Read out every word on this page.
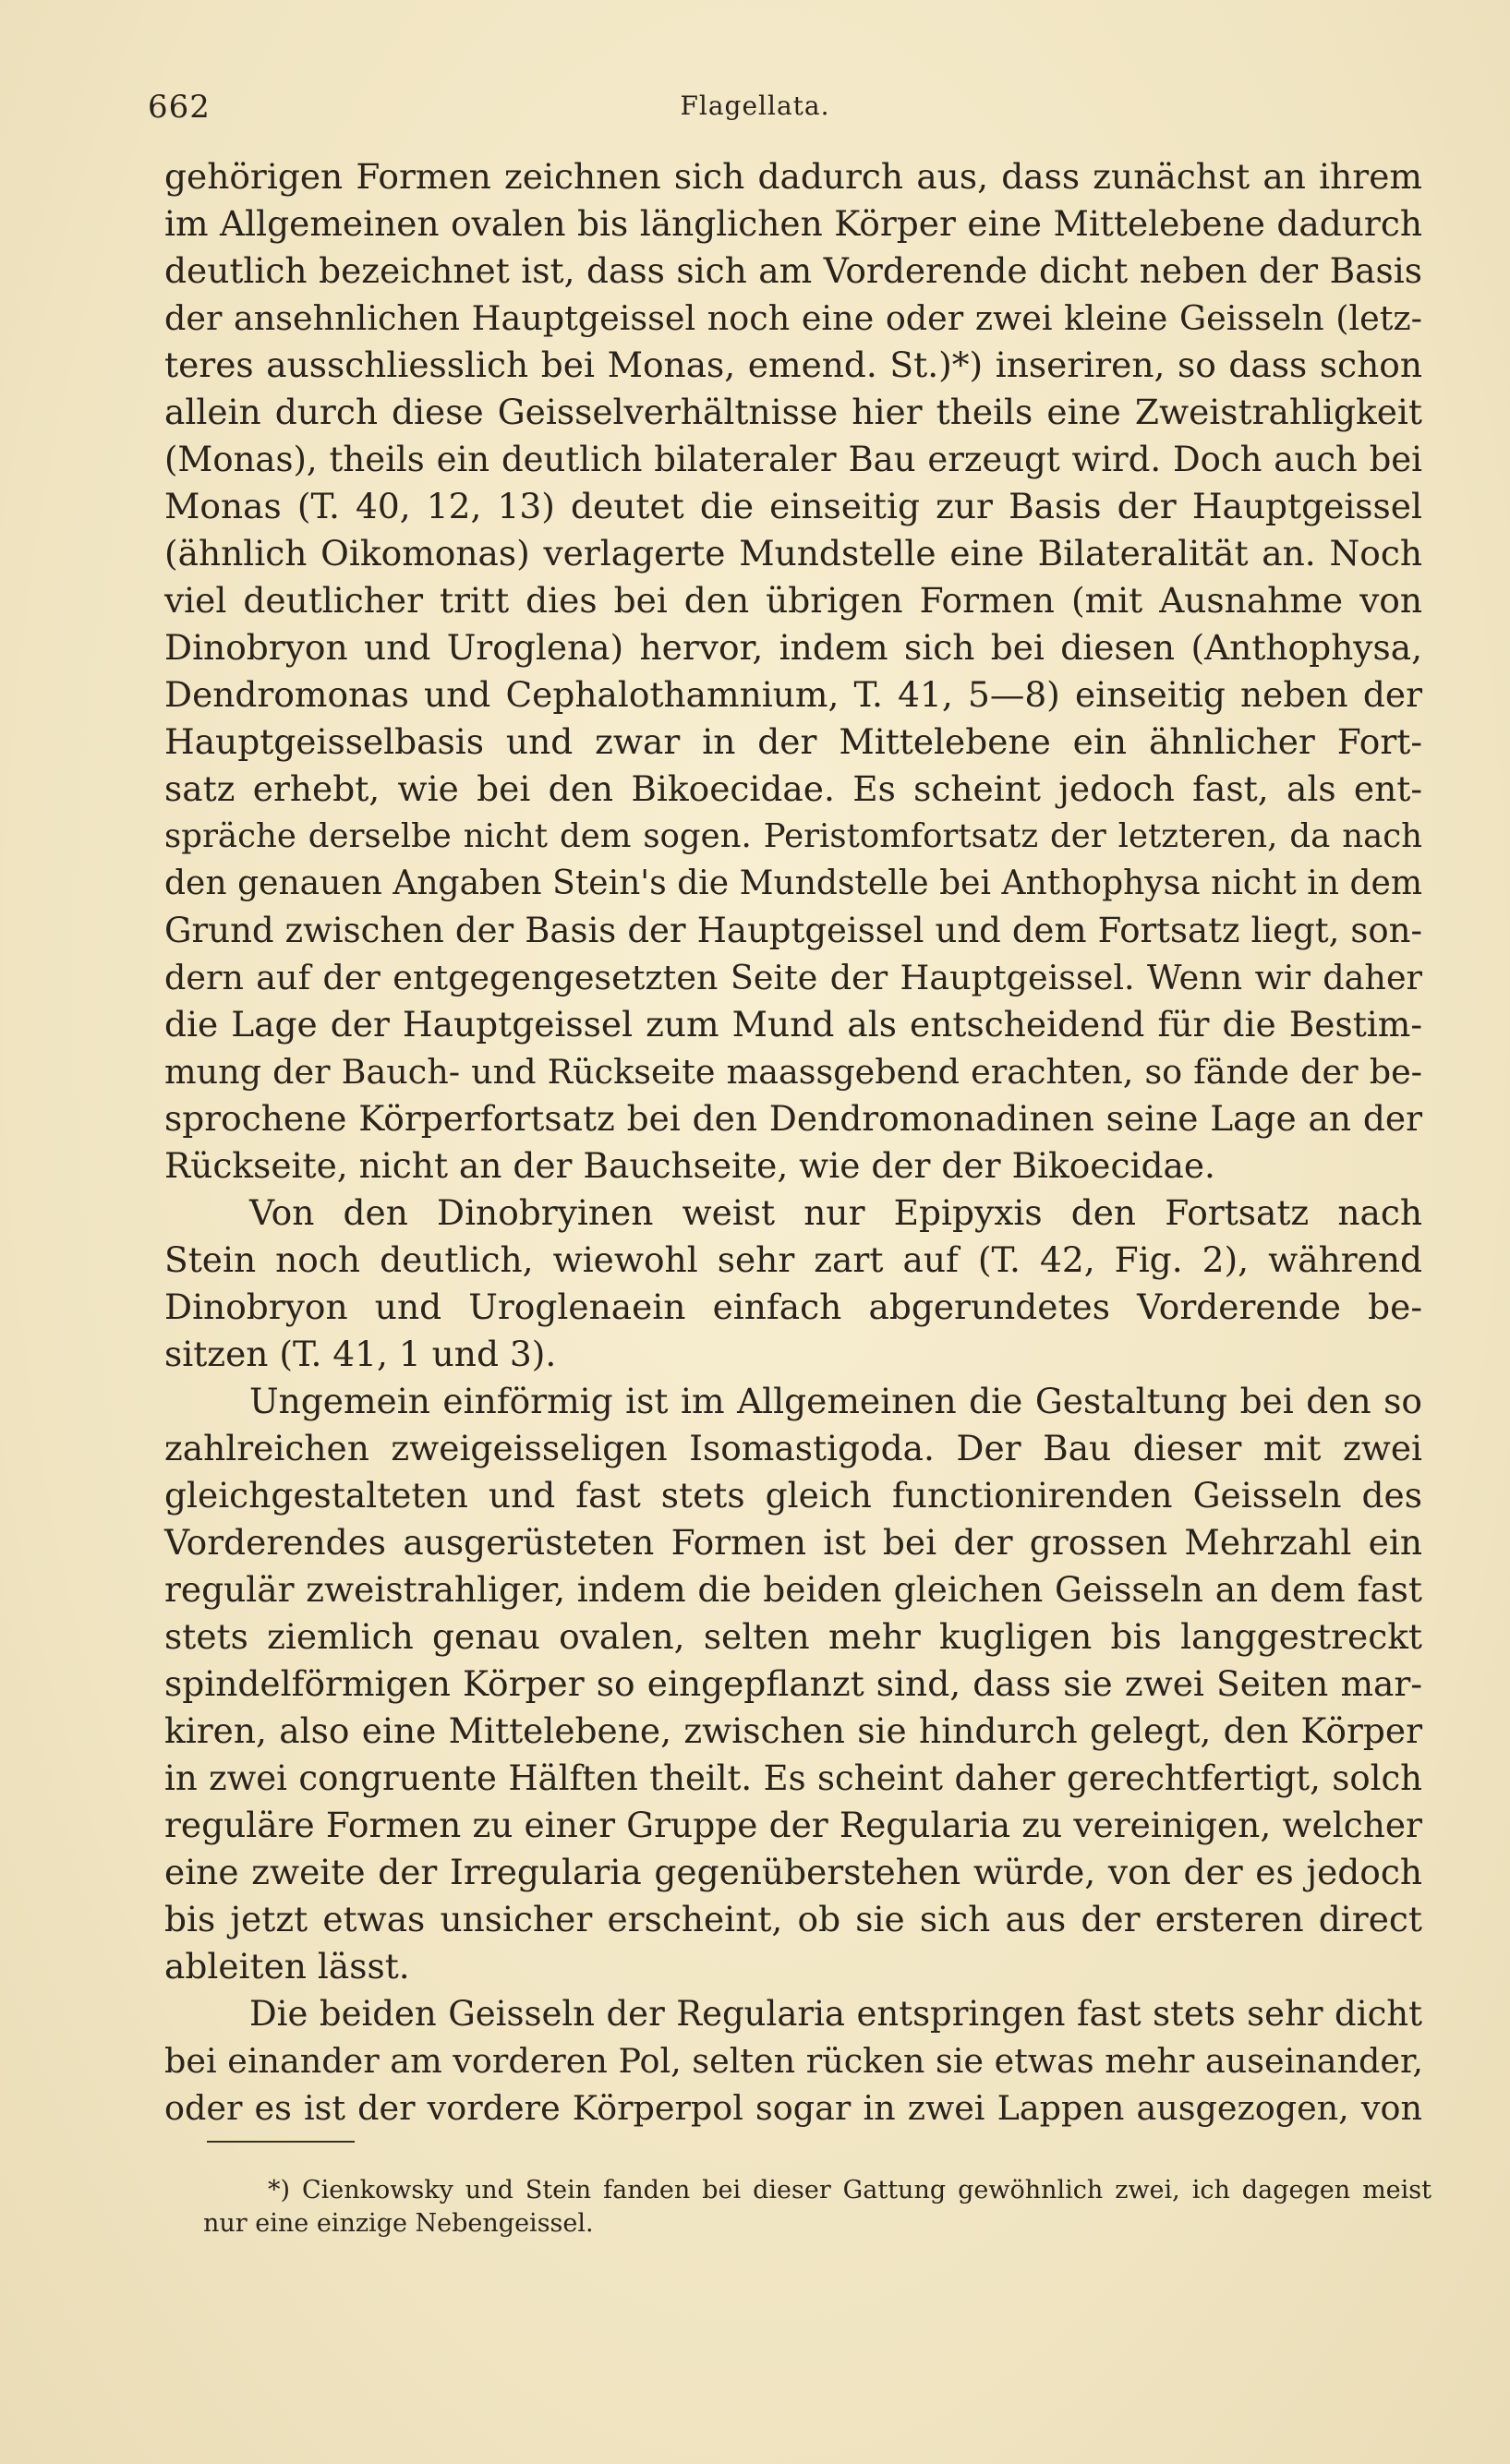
662	Flagellata.
gehörigen Formen zeichnen sich dadurch aus, dass zunächst an ihrem
im Allgemeinen ovalen bis länglichen Körper eine Mittelebene dadurch
deutlich bezeichnet ist, dass sich am Vorderende dicht neben der Basis
der ansehnlichen Hauptgeissel noch eine oder zwei kleine Geisseln (letz-
teres ausschliesslich bei Monas, emend. St.)*) inseriren, so dass schon
allein durch diese Geisselverhältnisse hier theils eine Zweistrahligkeit
(Monas), theils ein deutlich bilateraler Bau erzeugt wird. Doch auch bei
Monas (T. 40, 12, 13) deutet die einseitig zur Basis der Hauptgeissel
(ähnlich Oikomonas) verlagerte Mundstelle eine Bilateralität an. Noch
viel deutlicher tritt dies bei den übrigen Formen (mit Ausnahme von
Dinobryon und Uroglena) hervor, indem sich bei diesen (Anthophysa,
Dendromonas und Cephalothamnium, T. 41, 5—8) einseitig neben der
Hauptgeisselbasis und zwar in der Mittelebene ein ähnlicher Fort-
satz erhebt, wie bei den Bikoecidae. Es scheint jedoch fast, als ent-
spräche derselbe nicht dem sogen. Peristomfortsatz der letzteren, da nach
den genauen Angaben Stein's die Mundstelle bei Anthophysa nicht in dem
Grund zwischen der Basis der Hauptgeissel und dem Fortsatz liegt, son-
dern auf der entgegengesetzten Seite der Hauptgeissel. Wenn wir daher
die Lage der Hauptgeissel zum Mund als entscheidend für die Bestim-
mung der Bauch- und Rückseite maassgebend erachten, so fände der be-
sprochene Körperfortsatz bei den Dendromonadinen seine Lage an der
Rückseite, nicht an der Bauchseite, wie der der Bikoecidae.
Von den Dinobryinen weist nur Epipyxis den Fortsatz nach
Stein noch deutlich, wiewohl sehr zart auf (T. 42, Fig. 2), während
Dinobryon und Uroglenaein einfach abgerundetes Vorderende be-
sitzen (T. 41, 1 und 3).
Ungemein einförmig ist im Allgemeinen die Gestaltung bei den so
zahlreichen zweigeisseligen Isomastigoda. Der Bau dieser mit zwei
gleichgestalteten und fast stets gleich functionirenden Geisseln des
Vorderendes ausgerüsteten Formen ist bei der grossen Mehrzahl ein
regulär zweistrahliger, indem die beiden gleichen Geisseln an dem fast
stets ziemlich genau ovalen, selten mehr kugligen bis langgestreckt
spindelförmigen Körper so eingepflanzt sind, dass sie zwei Seiten mar-
kiren, also eine Mittelebene, zwischen sie hindurch gelegt, den Körper
in zwei congruente Hälften theilt. Es scheint daher gerechtfertigt, solch
reguläre Formen zu einer Gruppe der Regularia zu vereinigen, welcher
eine zweite der Irregularia gegenüberstehen würde, von der es jedoch
bis jetzt etwas unsicher erscheint, ob sie sich aus der ersteren direct
ableiten lässt.
Die beiden Geisseln der Regularia entspringen fast stets sehr dicht
bei einander am vorderen Pol, selten rücken sie etwas mehr auseinander,
oder es ist der vordere Körperpol sogar in zwei Lappen ausgezogen, von
*) Cienkowsky und Stein fanden bei dieser Gattung gewöhnlich zwei, ich dagegen meist
nur eine einzige Nebengeissel.
